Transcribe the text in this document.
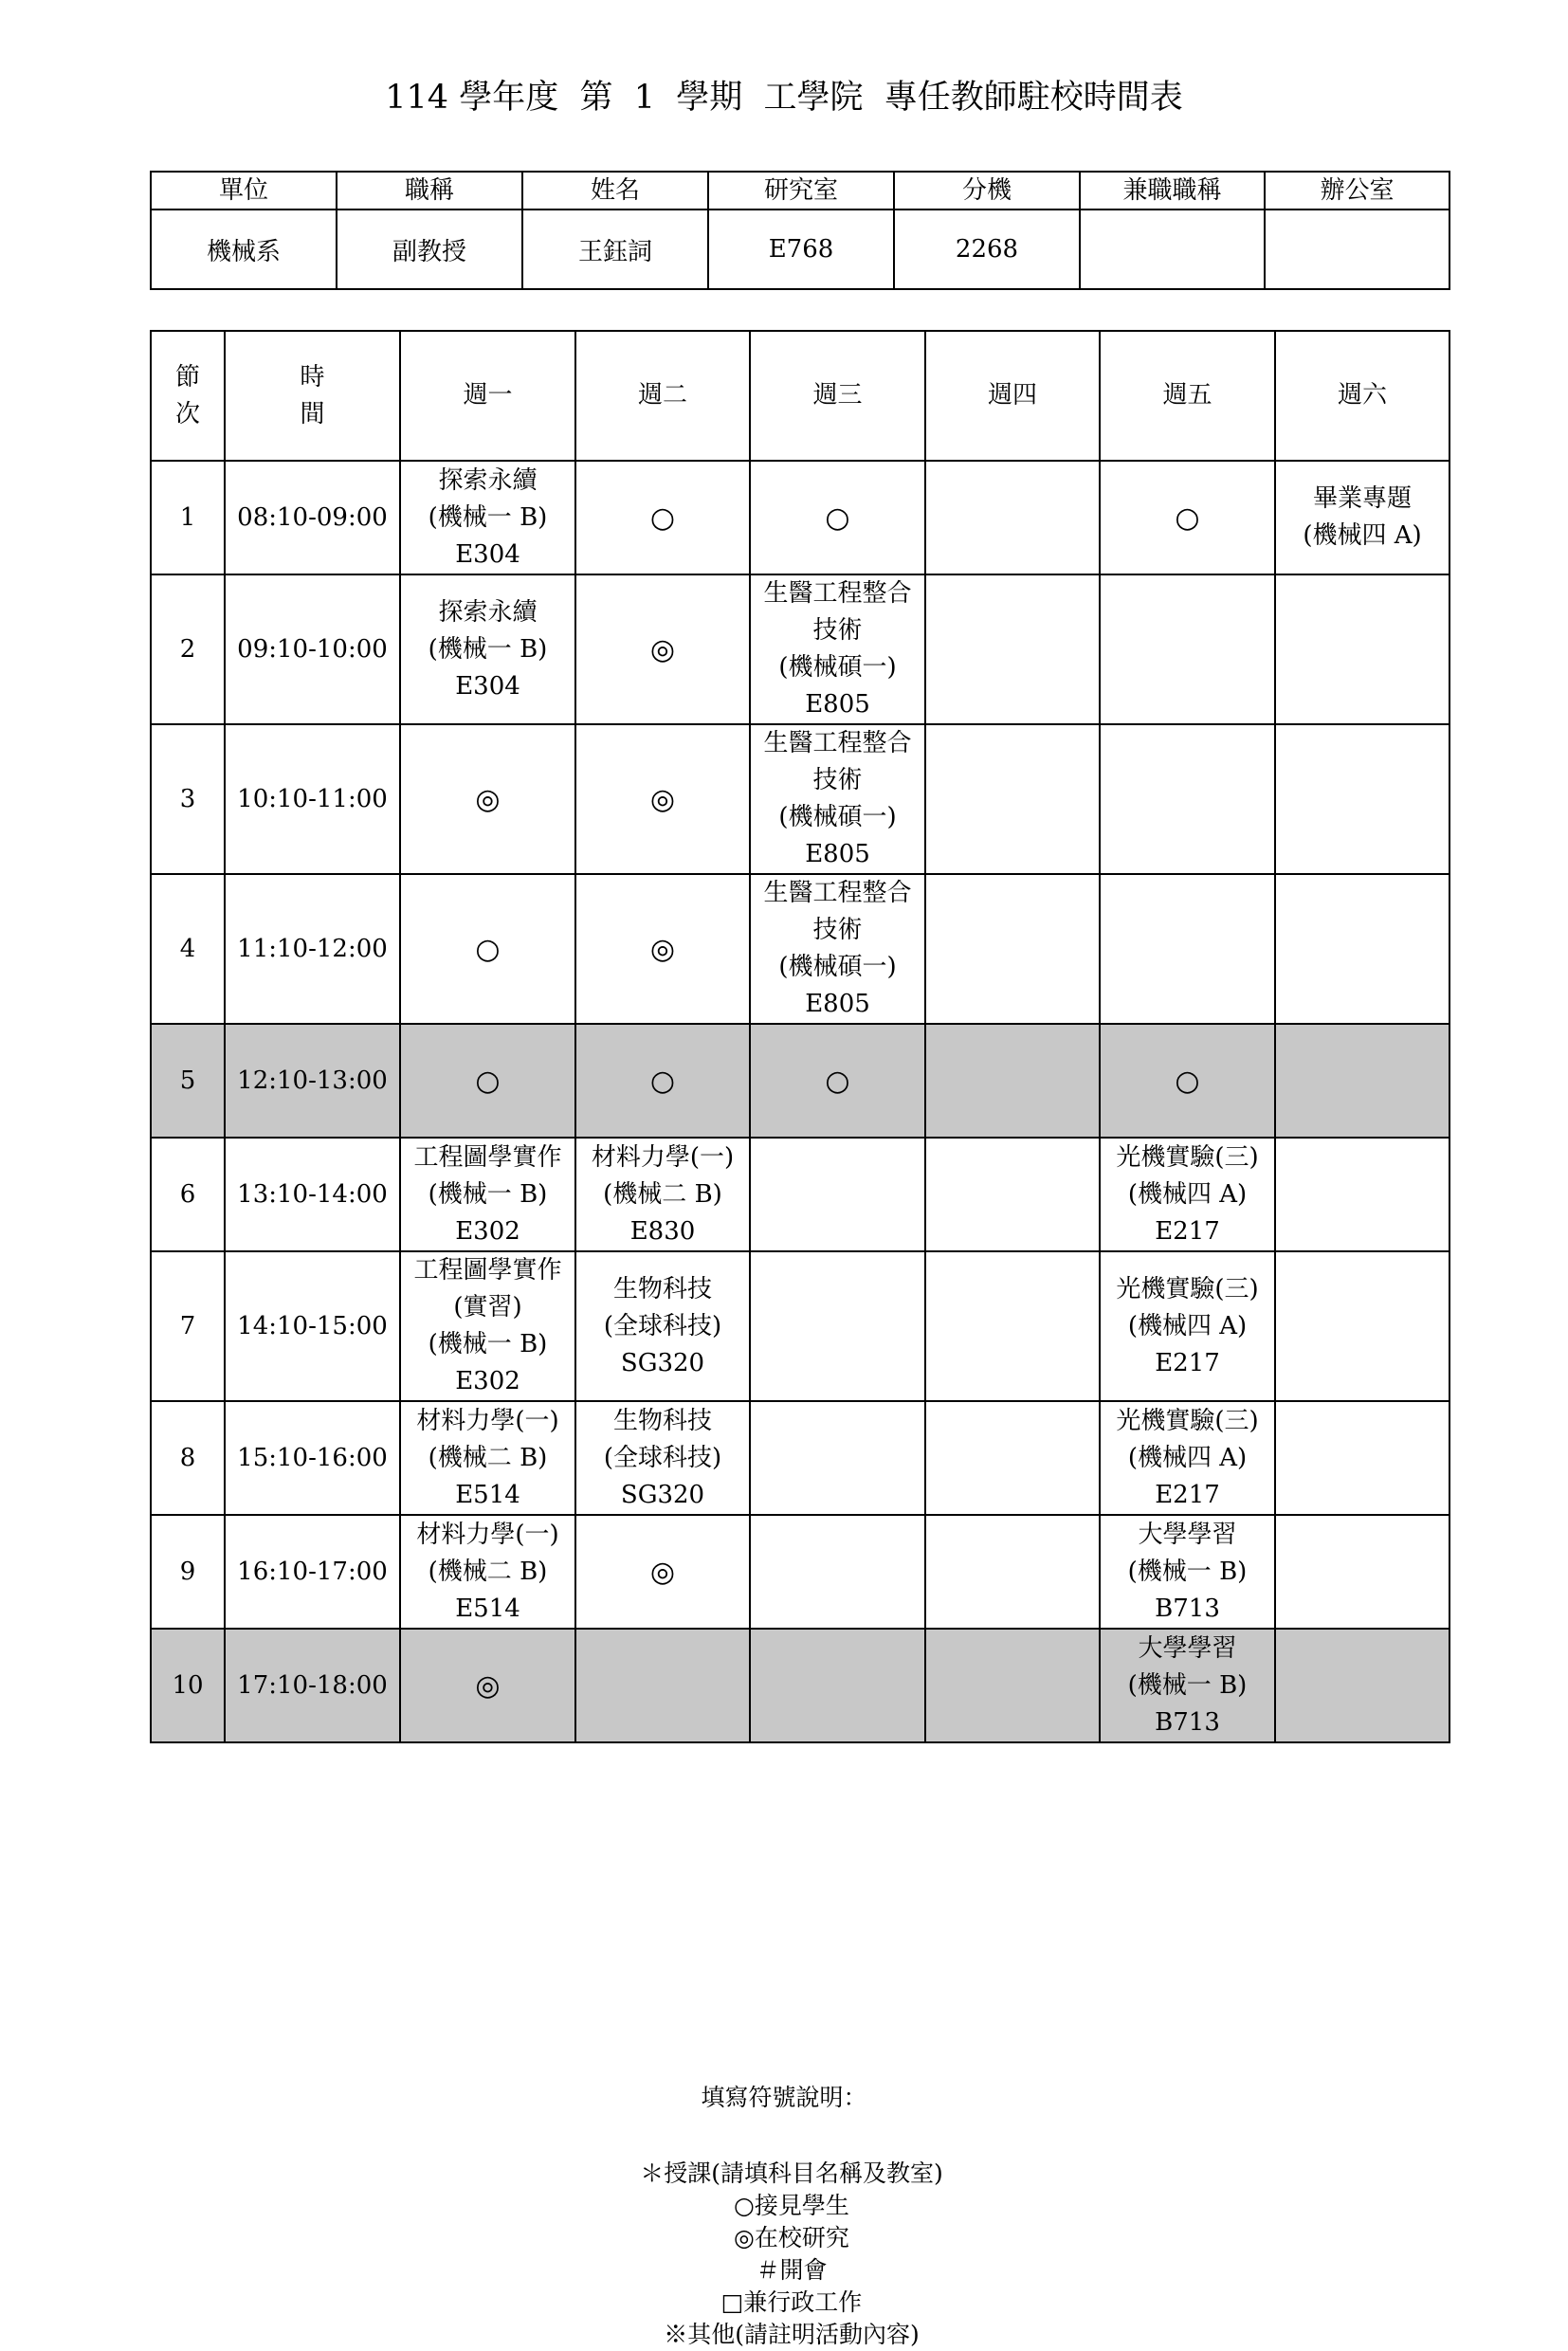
114 學年度  第  1  學期  工學院  專任教師駐校時間表
單位	職稱	姓名	研究室	分機	兼職職稱	辦公室
機械系	副教授	王鈺詞	E768	2268		
節
次	時
間	週一	週二	週三	週四	週五	週六
1	08:10-09:00	探索永續
(機械一 B)
E304	○	○		○	畢業專題
(機械四 A)

2	09:10-10:00	探索永續
(機械一 B)
E304	◎	生醫工程整合
技術
(機械碩一)
E805			

3	10:10-11:00	◎	◎	生醫工程整合
技術
(機械碩一)
E805			

4	11:10-12:00	○	◎	生醫工程整合
技術
(機械碩一)
E805			

5	12:10-13:00	○	○	○		○	

6	13:10-14:00	工程圖學實作
(機械一 B)
E302	材料力學(一)
(機械二 B)
E830			光機實驗(三)
(機械四 A)
E217	

7	14:10-15:00	工程圖學實作
(實習)
(機械一 B)
E302	生物科技
(全球科技)
SG320			光機實驗(三)
(機械四 A)
E217	

8	15:10-16:00	材料力學(一)
(機械二 B)
E514	生物科技
(全球科技)
SG320			光機實驗(三)
(機械四 A)
E217	

9	16:10-17:00	材料力學(一)
(機械二 B)
E514	◎			大學學習
(機械一 B)
B713	

10	17:10-18:00	◎				大學學習
(機械一 B)
B713	

填寫符號說明：

＊授課(請填科目名稱及教室)
○接見學生
◎在校研究
＃開會
□兼行政工作
※其他(請註明活動內容)
